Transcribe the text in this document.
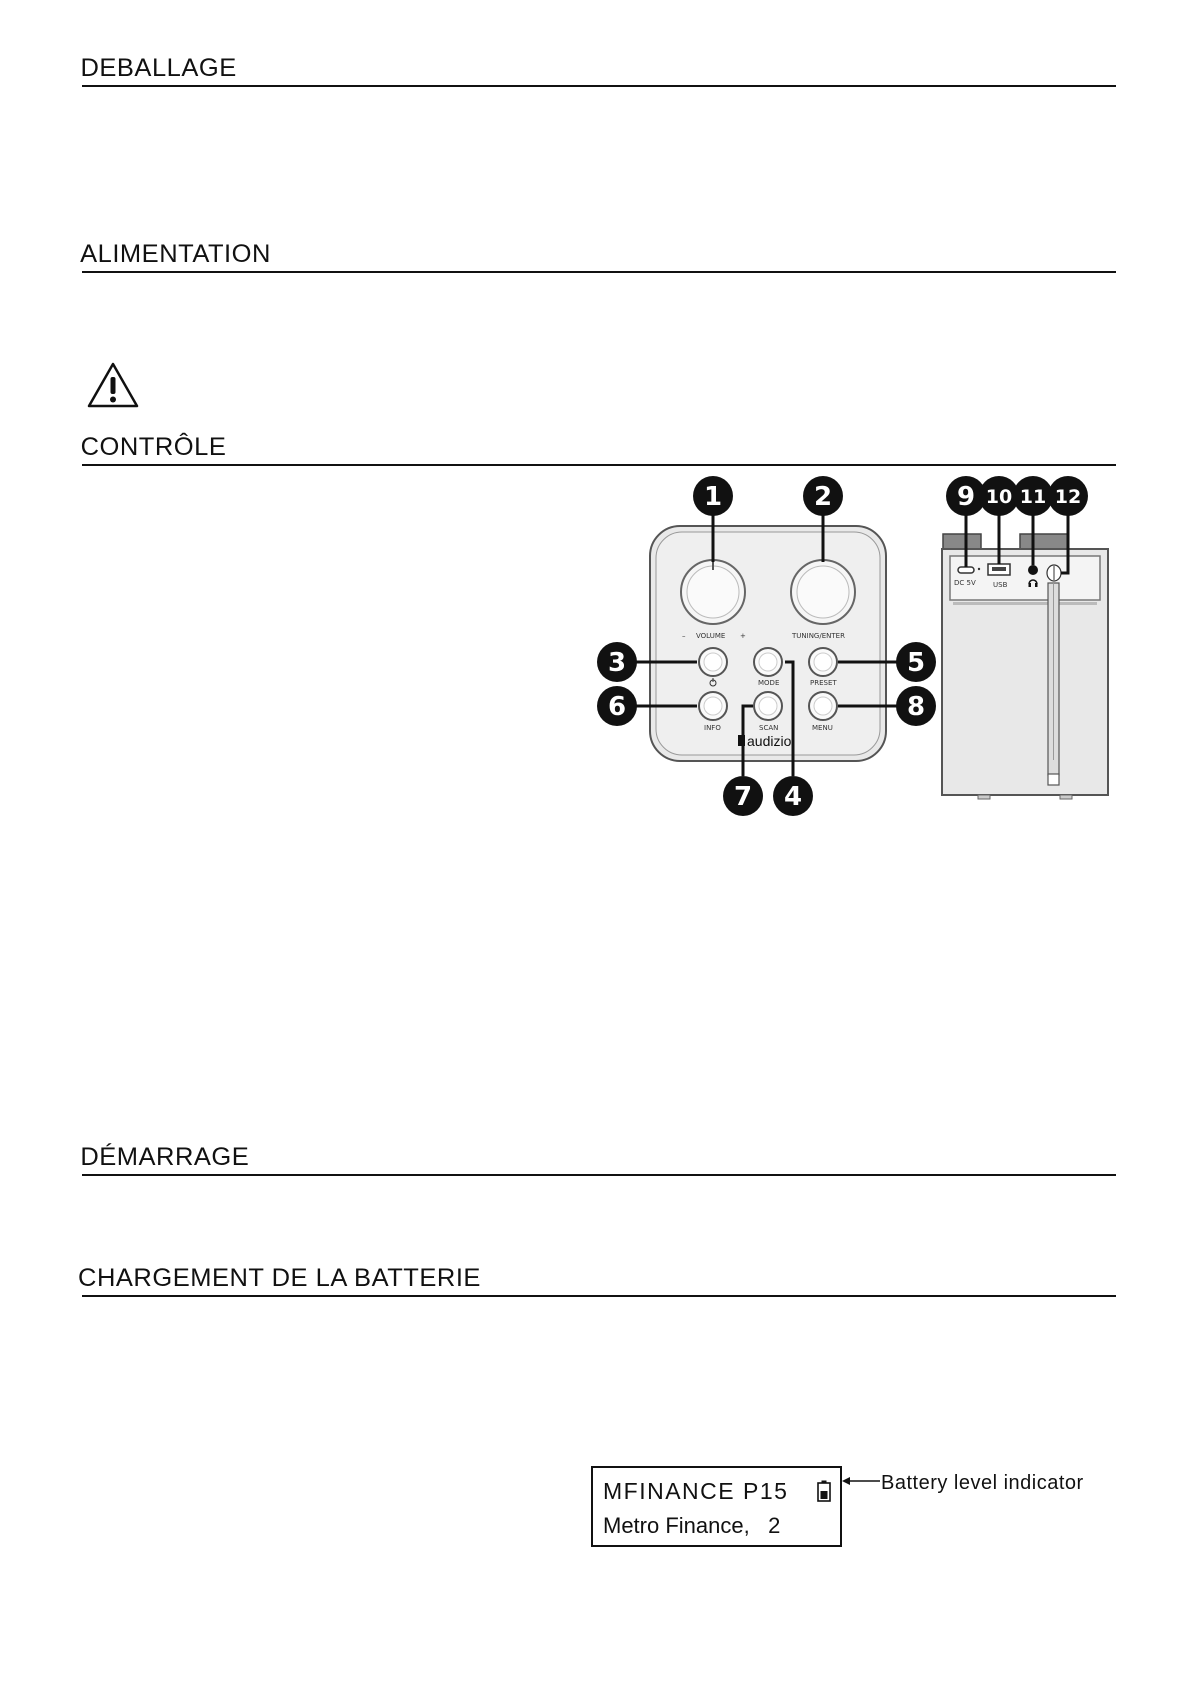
DEBALLAGE
ALIMENTATION
CONTRÔLE
DÉMARRAGE
CHARGEMENT DE LA BATTERIE
– VOLUME +	TUNING/ENTER
MODE	PRESET
INFO	SCAN	MENU
audizio
DC 5V USB
1	2
3
4
5
6
7
8
9 10 11 12
MFINANCE P15
Metro Finance,   2
Battery level indicator
